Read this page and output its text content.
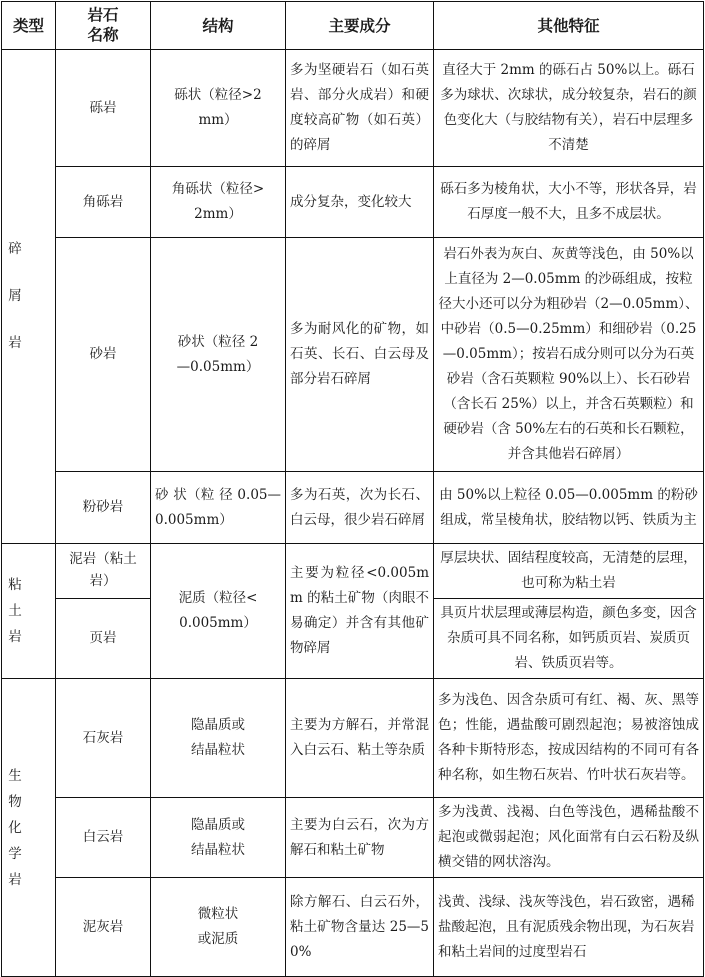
类型	岩石名称	结构	主要成分	其他特征

碎屑岩	砾岩	砾状（粒径>2mm）	多为坚硬岩石（如石英岩、部分火成岩）和硬度较高矿物（如石英）的碎屑	直径大于 2mm 的砾石占 50%以上。砾石多为球状、次球状，成分较复杂，岩石的颜色变化大（与胶结物有关），岩石中层理多不清楚
	角砾岩	角砾状（粒径>2mm）	成分复杂，变化较大	砾石多为棱角状，大小不等，形状各异，岩石厚度一般不大，且多不成层状。
	砂岩	砂状（粒径 2—0.05mm）	多为耐风化的矿物，如石英、长石、白云母及部分岩石碎屑	岩石外表为灰白、灰黄等浅色，由 50%以上直径为 2—0.05mm 的沙砾组成，按粒径大小还可以分为粗砂岩（2—0.05mm）、中砂岩（0.5—0.25mm）和细砂岩（0.25—0.05mm）；按岩石成分则可以分为石英砂岩（含石英颗粒 90%以上）、长石砂岩（含长石 25%）以上，并含石英颗粒）和硬砂岩（含 50%左右的石英和长石颗粒，并含其他岩石碎屑）
	粉砂岩	砂 状（粒 径 0.05—0.005mm）	多为石英，次为长石、白云母，很少岩石碎屑	由 50%以上粒径 0.05—0.005mm 的粉砂组成，常呈棱角状，胶结物以钙、铁质为主

粘土岩	泥岩（粘土岩）	泥质（粒径<0.005mm）	主要为粒径<0.005mm 的粘土矿物（肉眼不易确定）并含有其他矿物碎屑	厚层块状、固结程度较高，无清楚的层理，也可称为粘土岩
	页岩			具页片状层理或薄层构造，颜色多变，因含杂质可具不同名称，如钙质页岩、炭质页岩、铁质页岩等。

生物化学岩	石灰岩	隐晶质或结晶粒状	主要为方解石，并常混入白云石、粘土等杂质	多为浅色、因含杂质可有红、褐、灰、黑等色；性能，遇盐酸可剧烈起泡；易被溶蚀成各种卡斯特形态，按成因结构的不同可有各种名称，如生物石灰岩、竹叶状石灰岩等。
	白云岩	隐晶质或结晶粒状	主要为白云石，次为方解石和粘土矿物	多为浅黄、浅褐、白色等浅色，遇稀盐酸不起泡或微弱起泡；风化面常有白云石粉及纵横交错的网状溶沟。
	泥灰岩	微粒状或泥质	除方解石、白云石外，粘土矿物含量达 25—50%	浅黄、浅绿、浅灰等浅色，岩石致密，遇稀盐酸起泡，且有泥质残余物出现，为石灰岩和粘土岩间的过度型岩石
